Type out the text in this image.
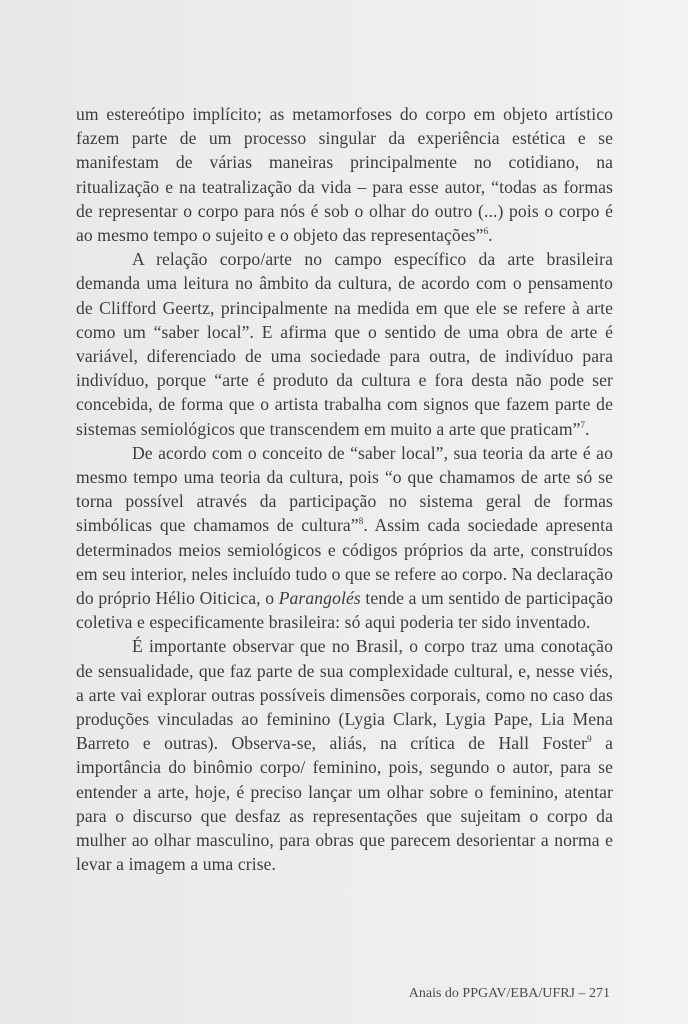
um estereótipo implícito; as metamorfoses do corpo em objeto artístico fazem parte de um processo singular da experiência estética e se manifestam de várias maneiras principalmente no cotidiano, na ritualização e na teatralização da vida – para esse autor, “todas as formas de representar o corpo para nós é sob o olhar do outro (...) pois o corpo é ao mesmo tempo o sujeito e o objeto das representações”$^6$.

A relação corpo/arte no campo específico da arte brasileira demanda uma leitura no âmbito da cultura, de acordo com o pensamento de Clifford Geertz, principalmente na medida em que ele se refere à arte como um “saber local”. E afirma que o sentido de uma obra de arte é variável, diferenciado de uma sociedade para outra, de indivíduo para indivíduo, porque “arte é produto da cultura e fora desta não pode ser concebida, de forma que o artista trabalha com signos que fazem parte de sistemas semiológicos que transcendem em muito a arte que praticam”$^7$.

De acordo com o conceito de “saber local”, sua teoria da arte é ao mesmo tempo uma teoria da cultura, pois “o que chamamos de arte só se torna possível através da participação no sistema geral de formas simbólicas que chamamos de cultura”$^8$. Assim cada sociedade apresenta determinados meios semiológicos e códigos próprios da arte, construídos em seu interior, neles incluído tudo o que se refere ao corpo. Na declaração do próprio Hélio Oiticica, o Parangolés tende a um sentido de participação coletiva e especificamente brasileira: só aqui poderia ter sido inventado.

É importante observar que no Brasil, o corpo traz uma conotação de sensualidade, que faz parte de sua complexidade cultural, e, nesse viés, a arte vai explorar outras possíveis dimensões corporais, como no caso das produções vinculadas ao feminino (Lygia Clark, Lygia Pape, Lia Mena Barreto e outras). Observa-se, aliás, na crítica de Hall Foster$^9$ a importância do binômio corpo/ feminino, pois, segundo o autor, para se entender a arte, hoje, é preciso lançar um olhar sobre o feminino, atentar para o discurso que desfaz as representações que sujeitam o corpo da mulher ao olhar masculino, para obras que parecem desorientar a norma e levar a imagem a uma crise.

Anais do PPGAV/EBA/UFRJ – 271
